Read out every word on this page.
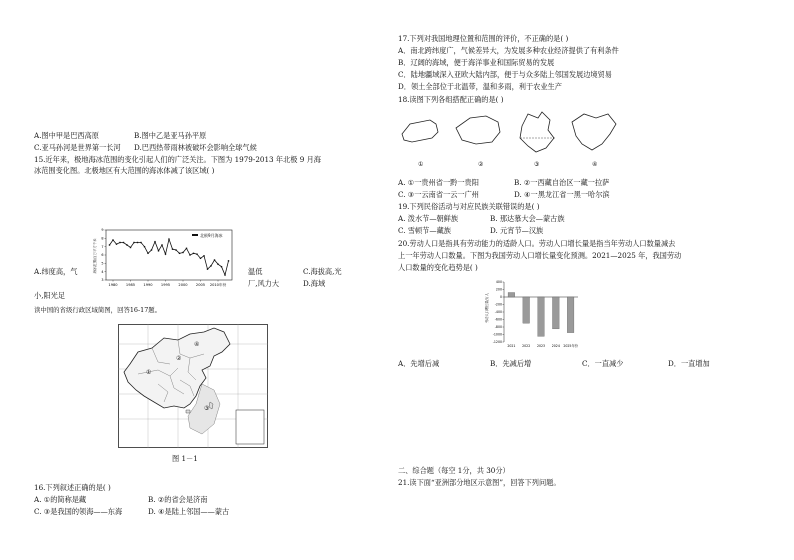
A.图中甲是巴西高原	B.图中乙是亚马孙平原
C.亚马孙河是世界第一长河 D.巴西热带雨林被破坏会影响全球气候
15.近年来，极地海冰范围的变化引起人们的广泛关注。下图为 1979-2013 年北极 9 月海
冰范围变化图。北极地区有大范围的海冰体减了该区域( )
海冰范围/百万平方千米
3
4
5
6
7
8
9
1980 1985 1990 1995 2000 2005 2010年份
北极9月海冰
A.纬度高，气	温低	C.海拔高,光
厂,风力大	D.海域
小,阳光足
读中国的省级行政区域简图，回答16-17题。
①
②
③
④
图 1－1
16.下列叙述正确的是( )
A. ①的简称是藏	B. ②的省会是济南
C. ③是我国的领海——东海	D. ④是陆上邻国——蒙古
17.下列对我国地理位置和范围的评价，不正确的是( )
A．南北跨纬度广，气候差异大，为发展多种农业经济提供了有利条件
B．辽阔的海域，便于海洋事业和国际贸易的发展
C．陆地疆域深入亚欧大陆内部，便于与众多陆上邻国发展边境贸易
D．领土全部位于北温带，温和多雨，利于农业生产
18.读图下列各组搭配正确的是( )
①	②	③	④
A. ①一贵州省一黔一贵阳	B. ②一西藏自治区一藏一拉萨
C. ③一云南省一云一广州	D. ④一黑龙江省一黑一哈尔滨
19.下列民俗活动与对应民族关联错误的是( )
A. 泼水节—朝鲜族	B. 那达慕大会—蒙古族
C. 雪顿节—藏族	D. 元宵节—汉族
20.劳动人口是指具有劳动能力的适龄人口。劳动人口增长量是指当年劳动人口数量减去
上一年劳动人口数量。下图为我国劳动人口增长量变化预测。2021—2025 年，我国劳动
人口数量的变化趋势是( )
劳动人口增长量/万人
400
200
0
-200
-400
-600
-800
-1000
-1200
2021 2022 2023 2024 2025年份
A．先增后减	B．先减后增	C．一直减少	D．一直增加
二、综合题（每空 1分，共 30分）
21.读下面“亚洲部分地区示意图”，回答下列问题。
